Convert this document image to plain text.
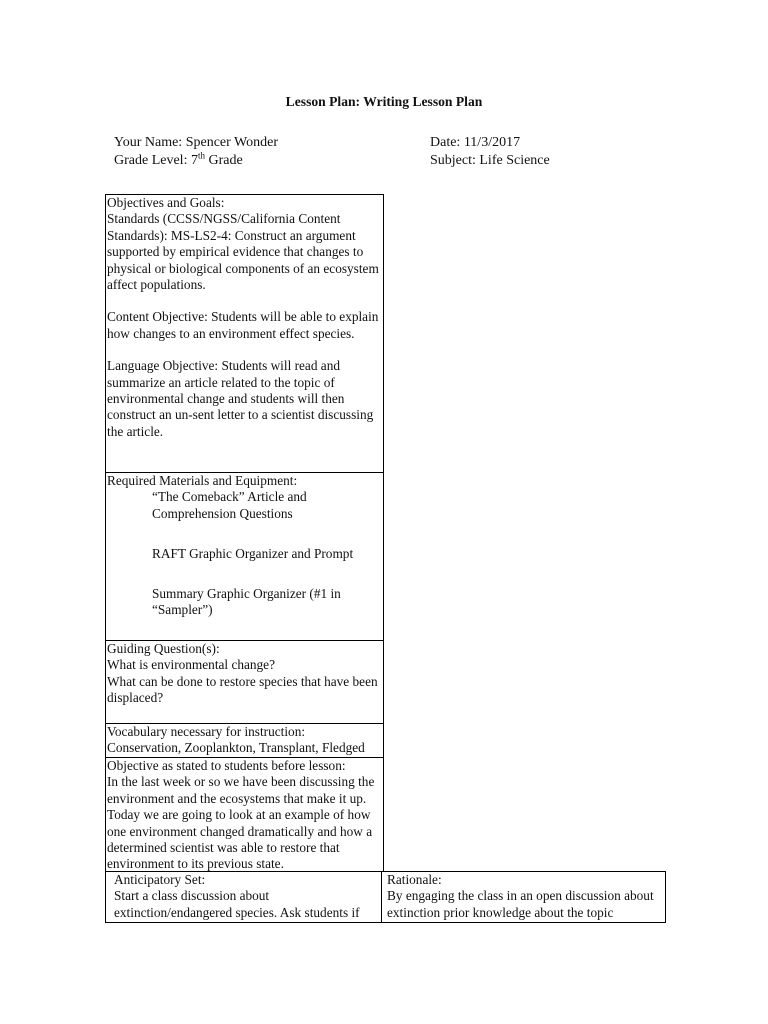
Lesson Plan: Writing Lesson Plan
Your Name: Spencer Wonder
Grade Level: 7th Grade
Date: 11/3/2017
Subject: Life Science

Objectives and Goals:

Standards (CCSS/NGSS/California Content Standards): MS-LS2-4: Construct an argument supported by empirical evidence that changes to physical or biological components of an ecosystem affect populations.

Content Objective: Students will be able to explain how changes to an environment effect species.

Language Objective: Students will read and summarize an article related to the topic of environmental change and students will then construct an un-sent letter to a scientist discussing the article.

Required Materials and Equipment:

“The Comeback” Article and Comprehension Questions

RAFT Graphic Organizer and Prompt

Summary Graphic Organizer (#1 in “Sampler”)

Guiding Question(s):

What is environmental change?

What can be done to restore species that have been displaced?

Vocabulary necessary for instruction:

Conservation, Zooplankton, Transplant, Fledged

Objective as stated to students before lesson:

In the last week or so we have been discussing the environment and the ecosystems that make it up. Today we are going to look at an example of how one environment changed dramatically and how a determined scientist was able to restore that environment to its previous state.

Anticipatory Set:

Start a class discussion about extinction/endangered species. Ask students if

Rationale:

By engaging the class in an open discussion about extinction prior knowledge about the topic
